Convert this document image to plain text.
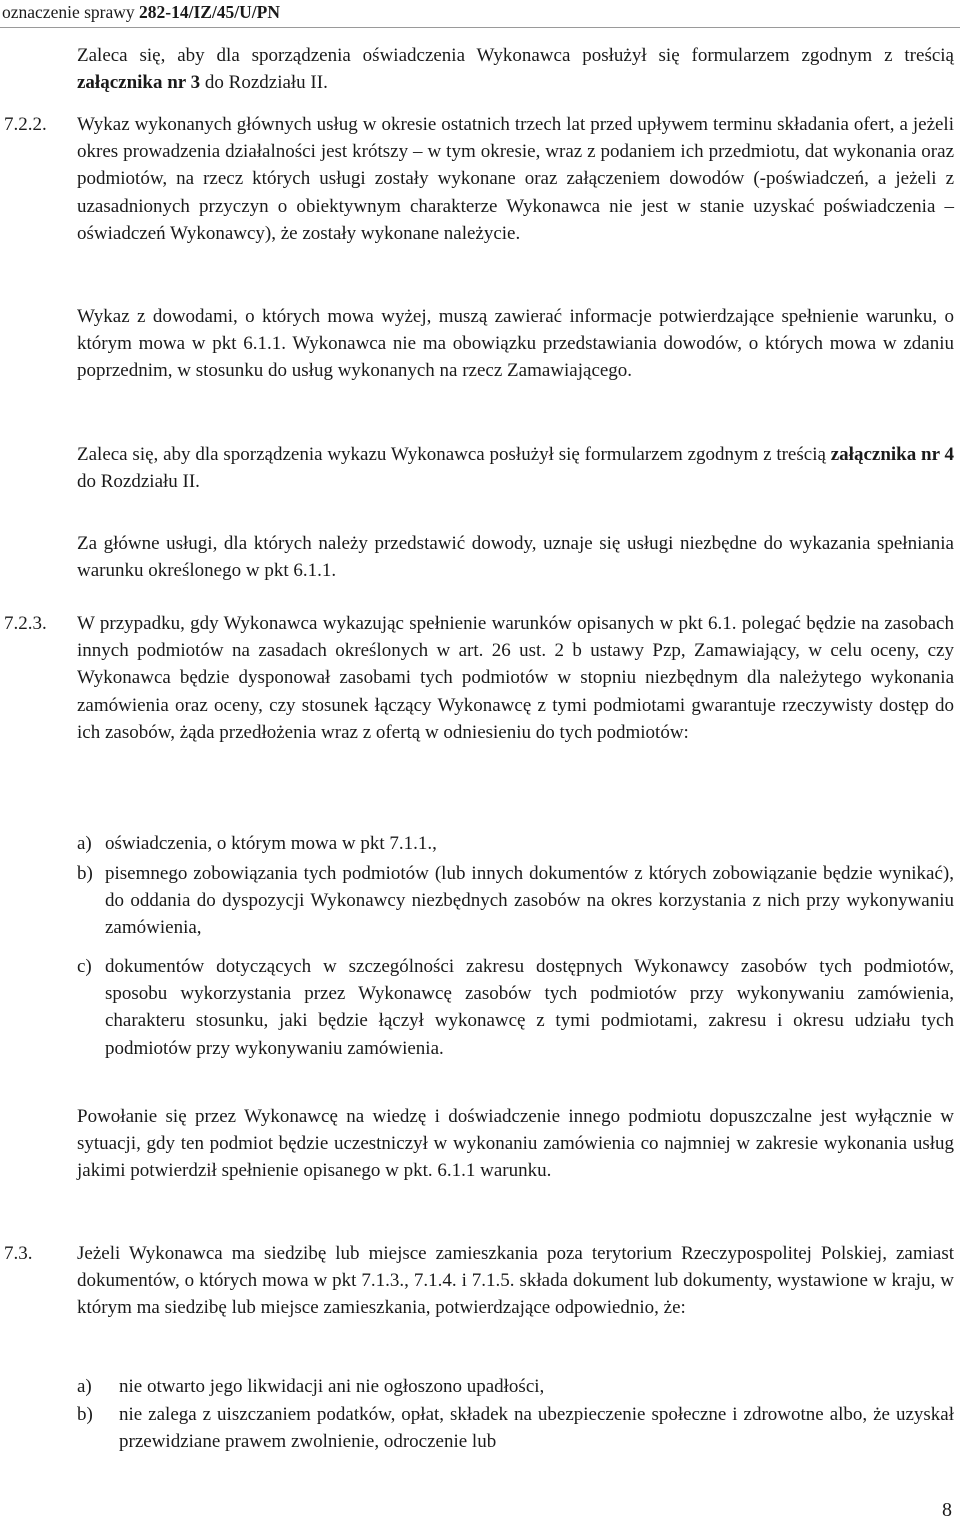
oznaczenie sprawy 282-14/IZ/45/U/PN
Zaleca się, aby dla sporządzenia oświadczenia Wykonawca posłużył się formularzem zgodnym z treścią załącznika nr 3 do Rozdziału II.
7.2.2. Wykaz wykonanych głównych usług w okresie ostatnich trzech lat przed upływem terminu składania ofert, a jeżeli okres prowadzenia działalności jest krótszy – w tym okresie, wraz z podaniem ich przedmiotu, dat wykonania oraz podmiotów, na rzecz których usługi zostały wykonane oraz załączeniem dowodów (-poświadczeń, a jeżeli z uzasadnionych przyczyn o obiektywnym charakterze Wykonawca nie jest w stanie uzyskać poświadczenia – oświadczeń Wykonawcy), że zostały wykonane należycie.
Wykaz z dowodami, o których mowa wyżej, muszą zawierać informacje potwierdzające spełnienie warunku, o którym mowa w pkt 6.1.1. Wykonawca nie ma obowiązku przedstawiania dowodów, o których mowa w zdaniu poprzednim, w stosunku do usług wykonanych na rzecz Zamawiającego.
Zaleca się, aby dla sporządzenia wykazu Wykonawca posłużył się formularzem zgodnym z treścią załącznika nr 4 do Rozdziału II.
Za główne usługi, dla których należy przedstawić dowody, uznaje się usługi niezbędne do wykazania spełniania warunku określonego w pkt 6.1.1.
7.2.3. W przypadku, gdy Wykonawca wykazując spełnienie warunków opisanych w pkt 6.1. polegać będzie na zasobach innych podmiotów na zasadach określonych w art. 26 ust. 2 b ustawy Pzp, Zamawiający, w celu oceny, czy Wykonawca będzie dysponował zasobami tych podmiotów w stopniu niezbędnym dla należytego wykonania zamówienia oraz oceny, czy stosunek łączący Wykonawcę z tymi podmiotami gwarantuje rzeczywisty dostęp do ich zasobów, żąda przedłożenia wraz z ofertą w odniesieniu do tych podmiotów:
a) oświadczenia, o którym mowa w pkt 7.1.1.,
b) pisemnego zobowiązania tych podmiotów (lub innych dokumentów z których zobowiązanie będzie wynikać), do oddania do dyspozycji Wykonawcy niezbędnych zasobów na okres korzystania z nich przy wykonywaniu zamówienia,
c) dokumentów dotyczących w szczególności zakresu dostępnych Wykonawcy zasobów tych podmiotów, sposobu wykorzystania przez Wykonawcę zasobów tych podmiotów przy wykonywaniu zamówienia, charakteru stosunku, jaki będzie łączył wykonawcę z tymi podmiotami, zakresu i okresu udziału tych podmiotów przy wykonywaniu zamówienia.
Powołanie się przez Wykonawcę na wiedzę i doświadczenie innego podmiotu dopuszczalne jest wyłącznie w sytuacji, gdy ten podmiot będzie uczestniczył w wykonaniu zamówienia co najmniej w zakresie wykonania usług jakimi potwierdził spełnienie opisanego w pkt. 6.1.1 warunku.
7.3. Jeżeli Wykonawca ma siedzibę lub miejsce zamieszkania poza terytorium Rzeczypospolitej Polskiej, zamiast dokumentów, o których mowa w pkt 7.1.3., 7.1.4. i 7.1.5. składa dokument lub dokumenty, wystawione w kraju, w którym ma siedzibę lub miejsce zamieszkania, potwierdzające odpowiednio, że:
a) nie otwarto jego likwidacji ani nie ogłoszono upadłości,
b) nie zalega z uiszczaniem podatków, opłat, składek na ubezpieczenie społeczne i zdrowotne albo, że uzyskał przewidziane prawem zwolnienie, odroczenie lub
8
